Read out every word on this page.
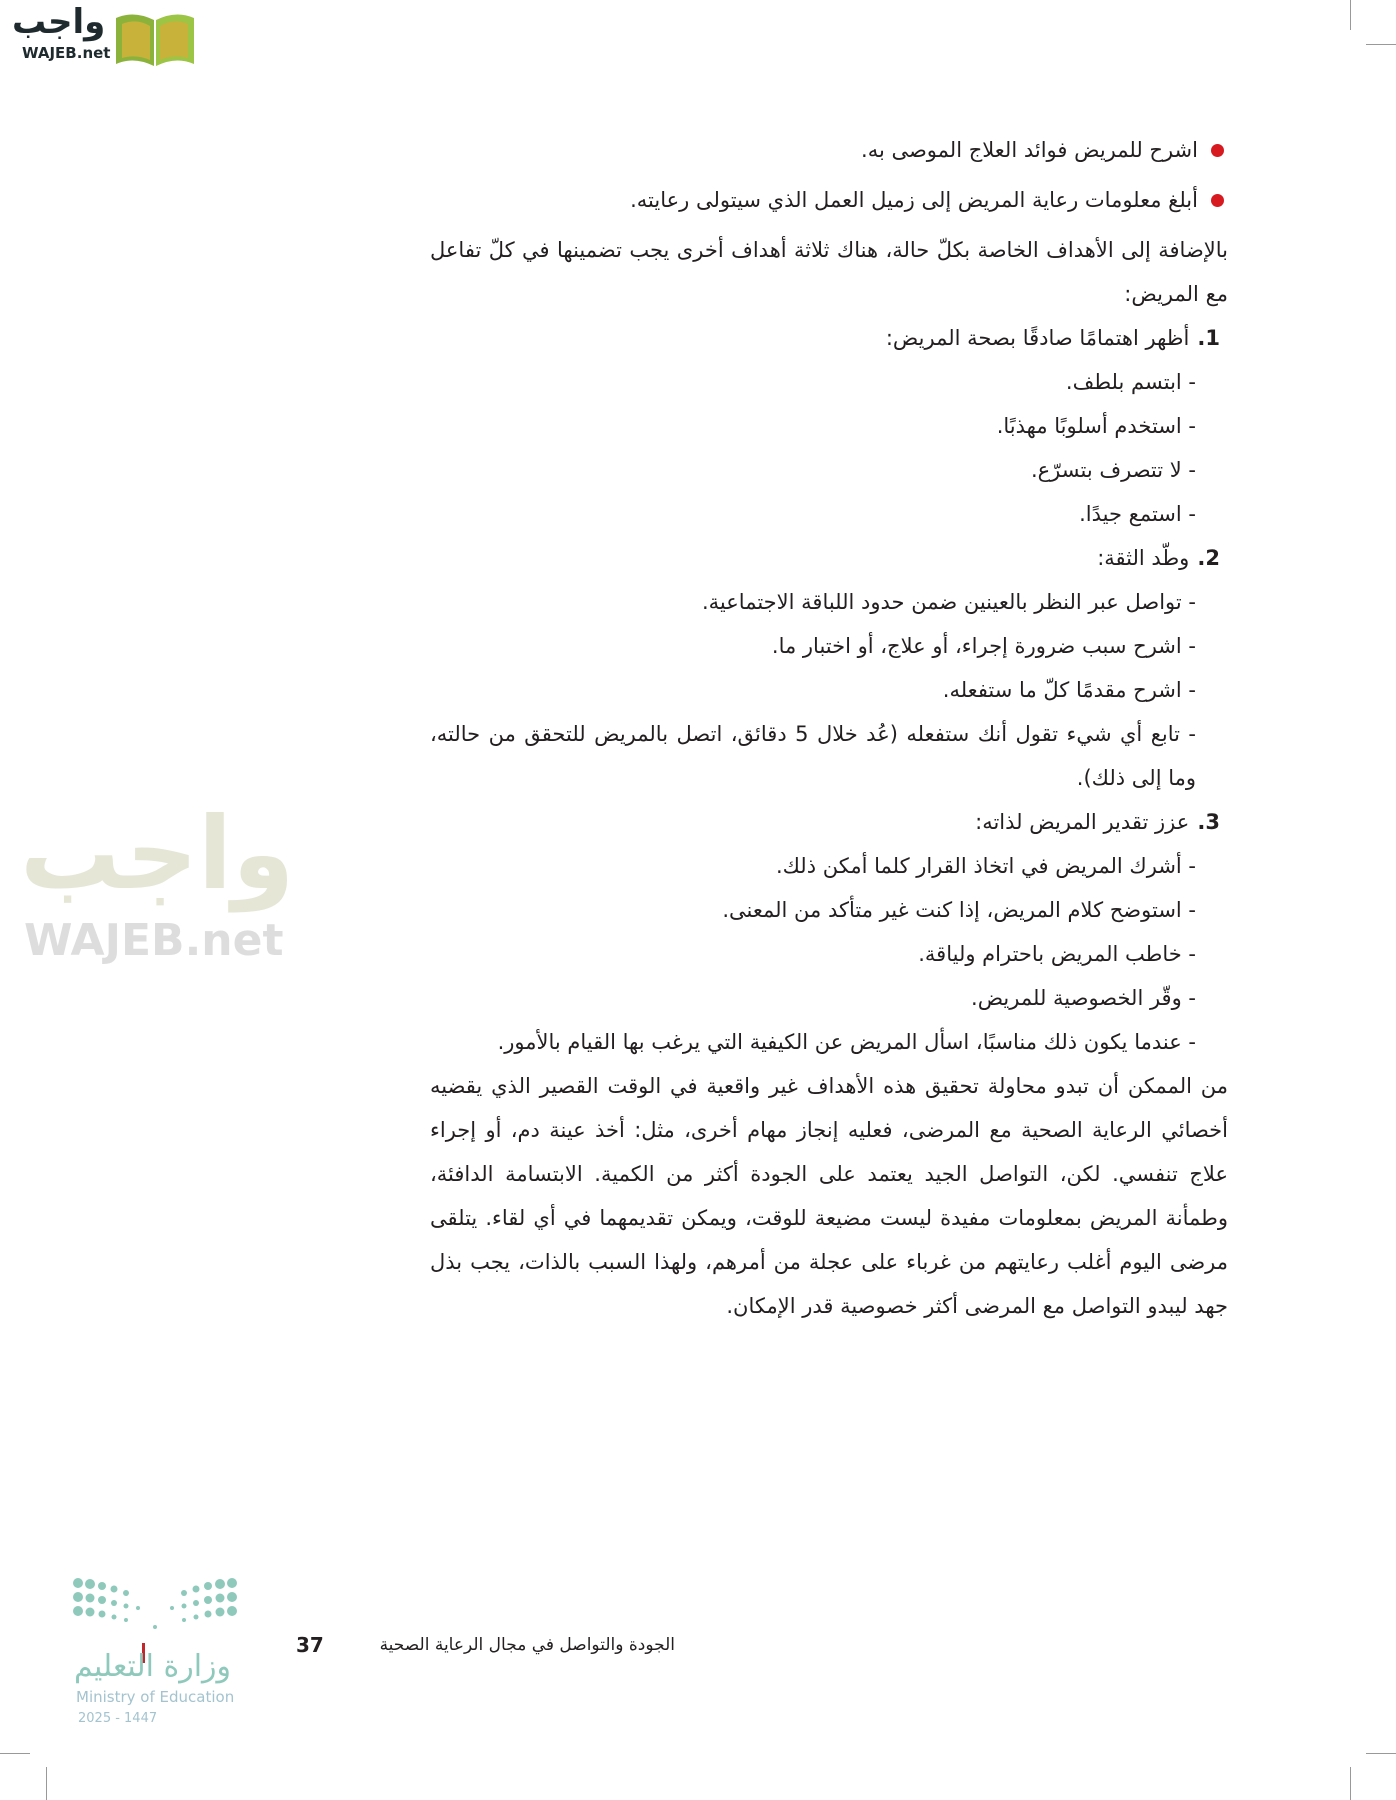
واجب
WAJEB.net
واجب
WAJEB.net
اشرح للمريض فوائد العلاج الموصى به.
أبلغ معلومات رعاية المريض إلى زميل العمل الذي سيتولى رعايته.
بالإضافة إلى الأهداف الخاصة بكلّ حالة، هناك ثلاثة أهداف أخرى يجب تضمينها في كلّ تفاعل مع المريض:
1. أظهر اهتمامًا صادقًا بصحة المريض:
- ابتسم بلطف.
- استخدم أسلوبًا مهذبًا.
- لا تتصرف بتسرّع.
- استمع جيدًا.
2. وطّد الثقة:
- تواصل عبر النظر بالعينين ضمن حدود اللباقة الاجتماعية.
- اشرح سبب ضرورة إجراء، أو علاج، أو اختبار ما.
- اشرح مقدمًا كلّ ما ستفعله.
- تابع أي شيء تقول أنك ستفعله (عُد خلال 5 دقائق، اتصل بالمريض للتحقق من حالته، وما إلى ذلك).
3. عزز تقدير المريض لذاته:
- أشرك المريض في اتخاذ القرار كلما أمكن ذلك.
- استوضح كلام المريض، إذا كنت غير متأكد من المعنى.
- خاطب المريض باحترام ولياقة.
- وقّر الخصوصية للمريض.
- عندما يكون ذلك مناسبًا، اسأل المريض عن الكيفية التي يرغب بها القيام بالأمور.
من الممكن أن تبدو محاولة تحقيق هذه الأهداف غير واقعية في الوقت القصير الذي يقضيه أخصائي الرعاية الصحية مع المرضى، فعليه إنجاز مهام أخرى، مثل: أخذ عينة دم، أو إجراء علاج تنفسي. لكن، التواصل الجيد يعتمد على الجودة أكثر من الكمية. الابتسامة الدافئة، وطمأنة المريض بمعلومات مفيدة ليست مضيعة للوقت، ويمكن تقديمهما في أي لقاء. يتلقى مرضى اليوم أغلب رعايتهم من غرباء على عجلة من أمرهم، ولهذا السبب بالذات، يجب بذل جهد ليبدو التواصل مع المرضى أكثر خصوصية قدر الإمكان.
وزارة التعليم
Ministry of Education
2025 - 1447
37	الجودة والتواصل في مجال الرعاية الصحية
